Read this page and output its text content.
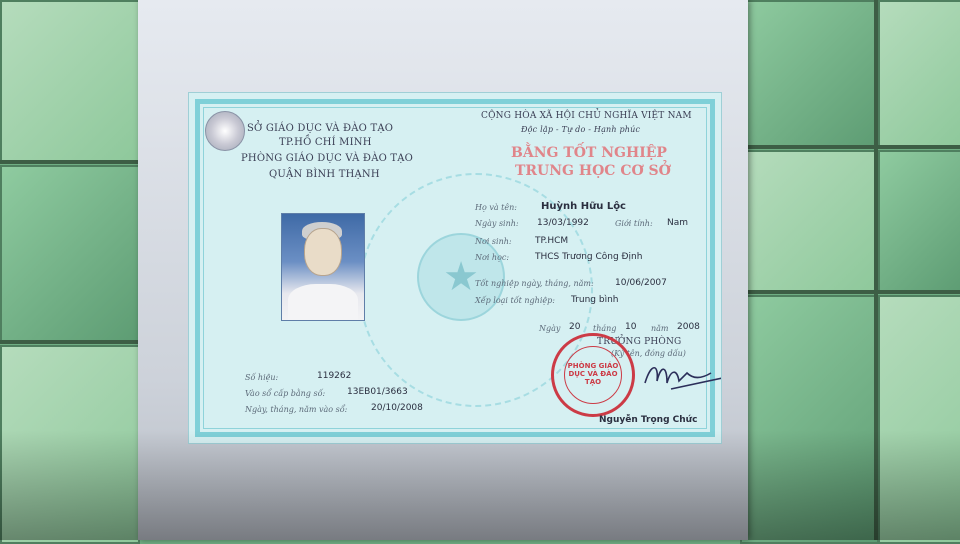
★
SỞ GIÁO DỤC VÀ ĐÀO TẠO
TP.HỒ CHÍ MINH
PHÒNG GIÁO DỤC VÀ ĐÀO TẠO
QUẬN BÌNH THẠNH
CỘNG HÒA XÃ HỘI CHỦ NGHĨA VIỆT NAM
Độc lập - Tự do - Hạnh phúc
BẰNG TỐT NGHIỆP
TRUNG HỌC CƠ SỞ
Họ và tên: Huỳnh Hữu Lộc
Ngày sinh: 13/03/1992	Giới tính: Nam
Nơi sinh:	TP.HCM
Nơi học:	THCS Trương Công Định
Tốt nghiệp ngày, tháng, năm: 10/06/2007
Xếp loại tốt nghiệp: Trung bình
Ngày 20 tháng 10 năm 2008
TRƯỞNG PHÒNG
(Ký tên, đóng dấu)
PHÒNG GIÁO DỤC VÀ ĐÀO TẠO
Nguyễn Trọng Chức
Số hiệu:	119262
Vào sổ cấp bằng số: 13EB01/3663
Ngày, tháng, năm vào sổ:	20/10/2008
